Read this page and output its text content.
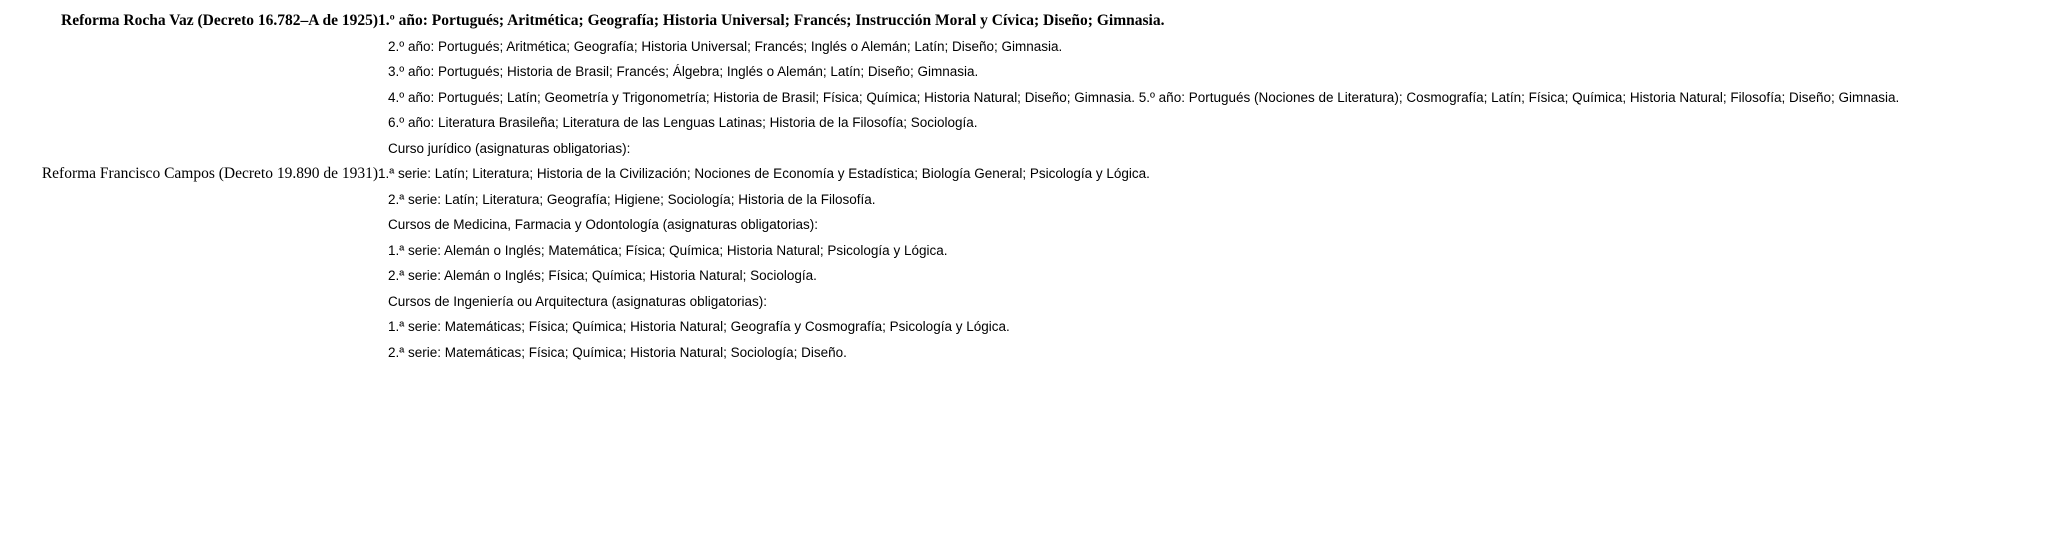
Reforma Rocha Vaz (Decreto 16.782–A de 1925)	1.º año: Portugués; Aritmética; Geografía; Historia Universal; Francés; Instrucción Moral y Cívica; Diseño; Gimnasia.
2.º año: Portugués; Aritmética; Geografía; Historia Universal; Francés; Inglés o Alemán; Latín; Diseño; Gimnasia.
3.º año: Portugués; Historia de Brasil; Francés; Álgebra; Inglés o Alemán; Latín; Diseño; Gimnasia.
4.º año: Portugués; Latín; Geometría y Trigonometría; Historia de Brasil; Física; Química; Historia Natural; Diseño; Gimnasia. 5.º año: Portugués (Nociones de Literatura); Cosmografía; Latín; Física; Química; Historia Natural; Filosofía; Diseño; Gimnasia.
6.º año: Literatura Brasileña; Literatura de las Lenguas Latinas; Historia de la Filosofía; Sociología.
Curso jurídico (asignaturas obligatorias):

Reforma Francisco Campos (Decreto 19.890 de 1931)	1.ª serie: Latín; Literatura; Historia de la Civilización; Nociones de Economía y Estadística; Biología General; Psicología y Lógica.
2.ª serie: Latín; Literatura; Geografía; Higiene; Sociología; Historia de la Filosofía.
Cursos de Medicina, Farmacia y Odontología (asignaturas obligatorias):
1.ª serie: Alemán o Inglés; Matemática; Física; Química; Historia Natural; Psicología y Lógica.
2.ª serie: Alemán o Inglés; Física; Química; Historia Natural; Sociología.
Cursos de Ingeniería ou Arquitectura (asignaturas obligatorias):
1.ª serie: Matemáticas; Física; Química; Historia Natural; Geografía y Cosmografía; Psicología y Lógica.
2.ª serie: Matemáticas; Física; Química; Historia Natural; Sociología; Diseño.
